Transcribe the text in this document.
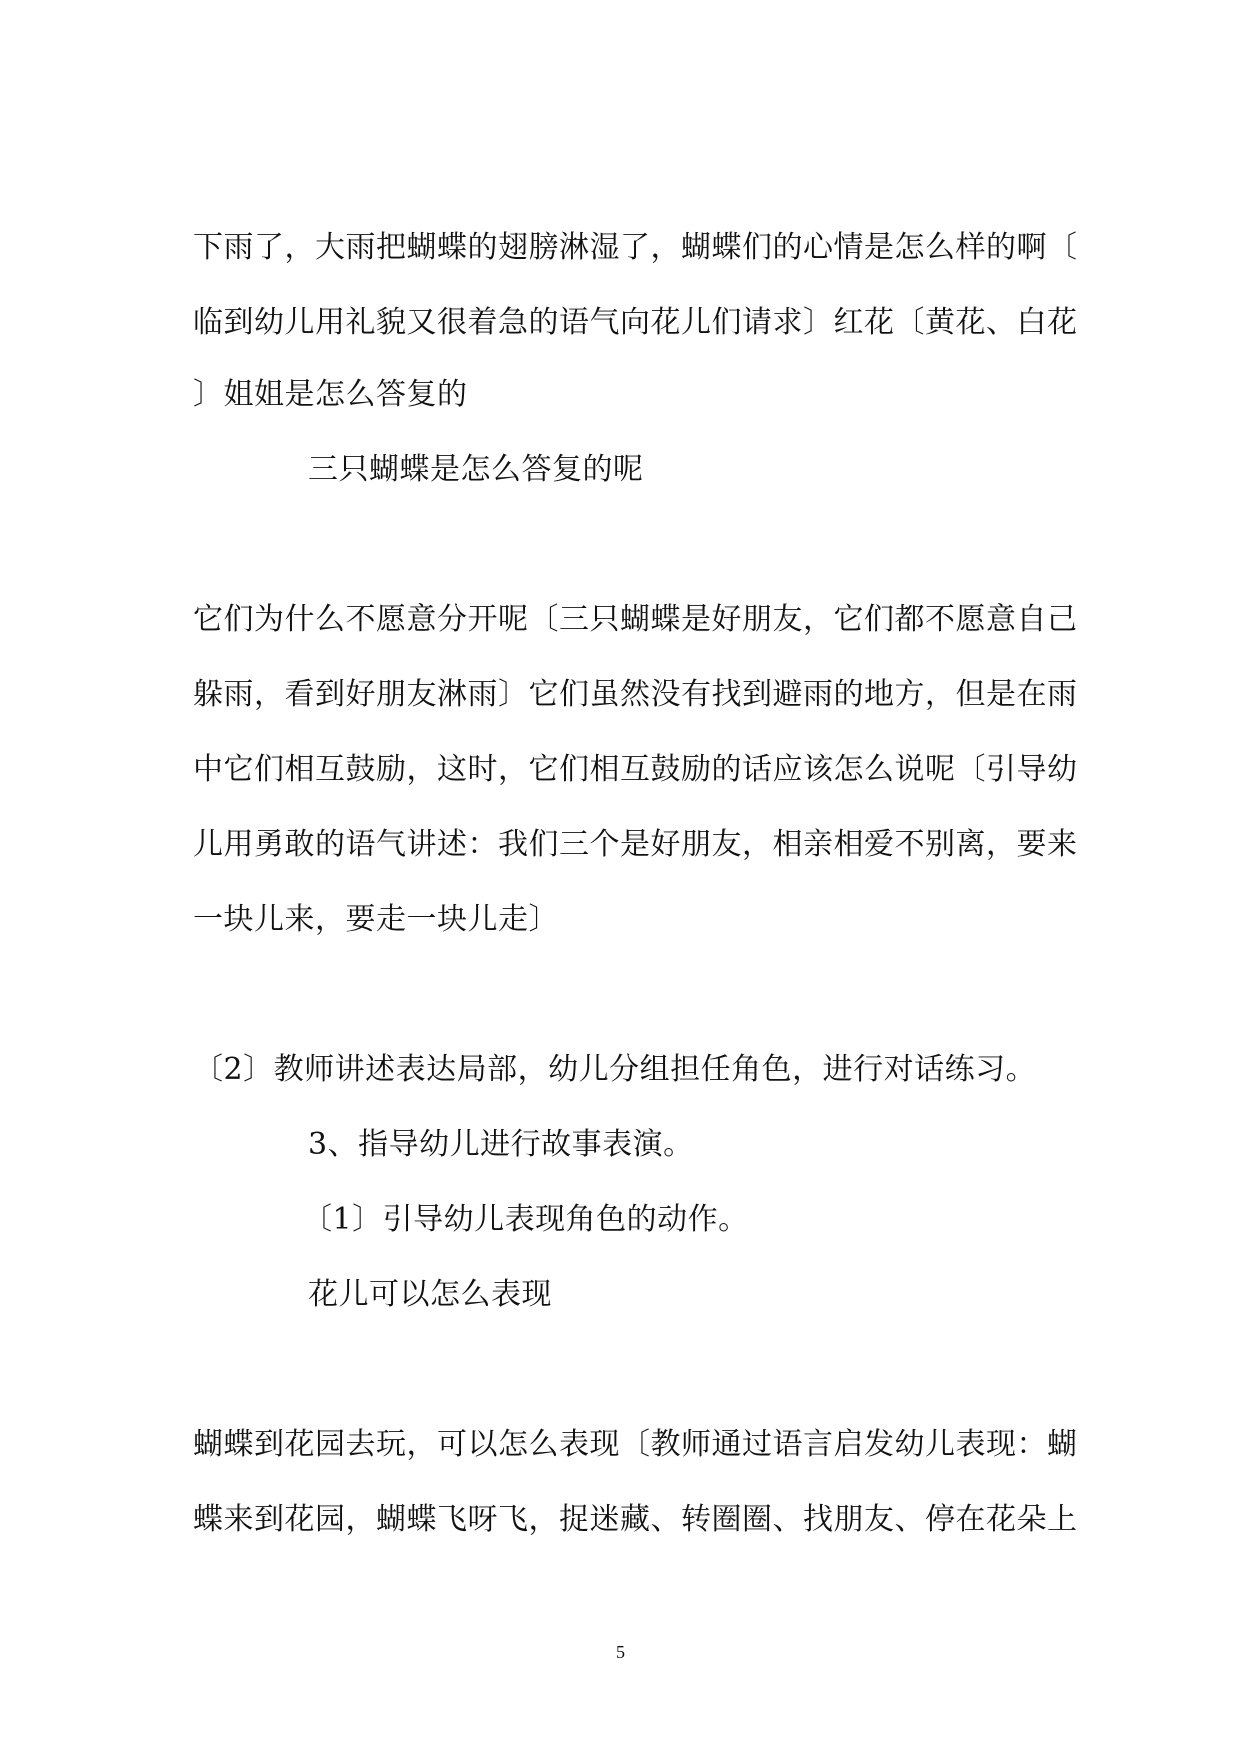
下雨了，大雨把蝴蝶的翅膀淋湿了，蝴蝶们的心情是怎么样的啊〔
临到幼儿用礼貌又很着急的语气向花儿们请求〕红花〔黄花、白花
〕姐姐是怎么答复的
三只蝴蝶是怎么答复的呢
它们为什么不愿意分开呢〔三只蝴蝶是好朋友，它们都不愿意自己
躲雨，看到好朋友淋雨〕它们虽然没有找到避雨的地方，但是在雨
中它们相互鼓励，这时，它们相互鼓励的话应该怎么说呢〔引导幼
儿用勇敢的语气讲述：我们三个是好朋友，相亲相爱不别离，要来
一块儿来，要走一块儿走〕
〔2〕教师讲述表达局部，幼儿分组担任角色，进行对话练习。
3、指导幼儿进行故事表演。
〔1〕引导幼儿表现角色的动作。
花儿可以怎么表现
蝴蝶到花园去玩，可以怎么表现〔教师通过语言启发幼儿表现：蝴
蝶来到花园，蝴蝶飞呀飞，捉迷藏、转圈圈、找朋友、停在花朵上
5
